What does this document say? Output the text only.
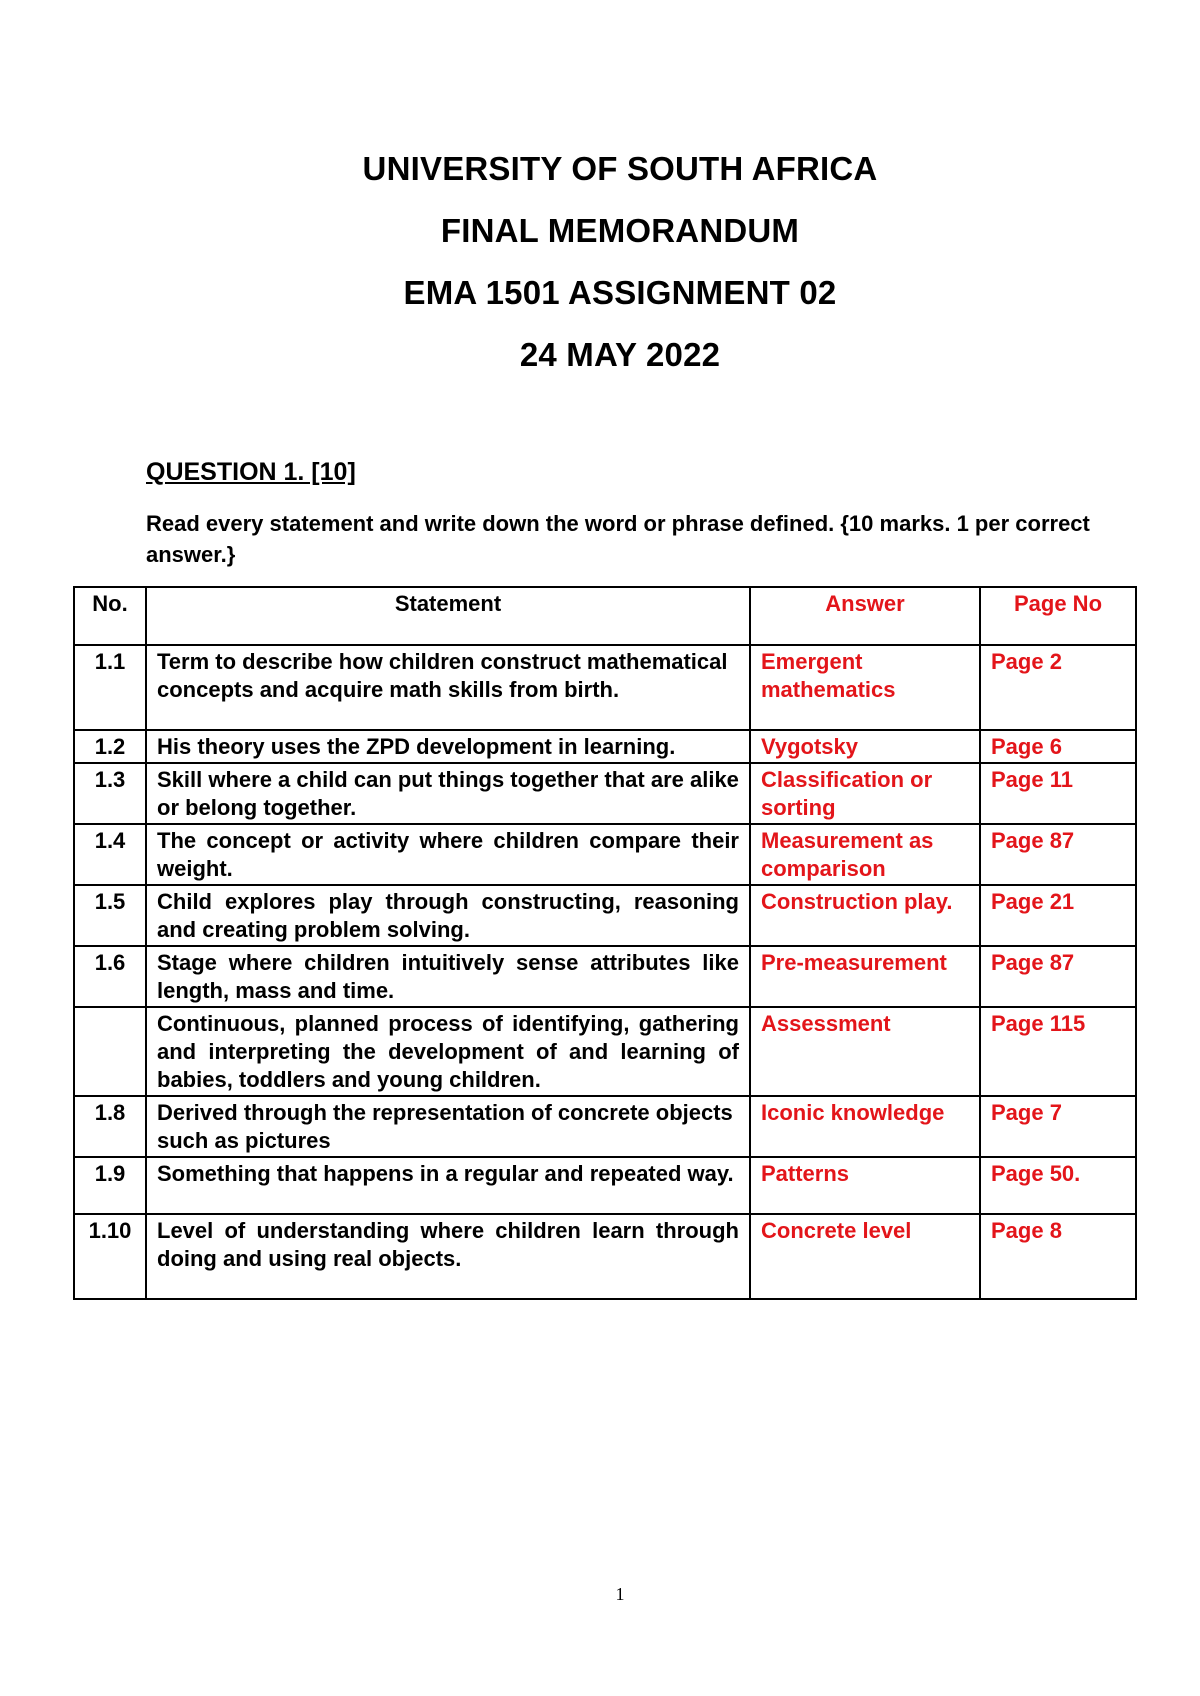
UNIVERSITY OF SOUTH AFRICA
FINAL MEMORANDUM
EMA 1501 ASSIGNMENT 02
24 MAY 2022
QUESTION 1. [10]
Read every statement and write down the word or phrase defined. {10 marks. 1 per correct answer.}
No.	Statement	Answer	Page No
1.1	Term to describe how children construct mathematical concepts and acquire math skills from birth.	Emergent mathematics	Page 2
1.2	His theory uses the ZPD development in learning.	Vygotsky	Page 6
1.3	Skill where a child can put things together that are alike or belong together.	Classification or sorting	Page 11
1.4	The concept or activity where children compare their weight.	Measurement as comparison	Page 87
1.5	Child explores play through constructing, reasoning and creating problem solving.	Construction play.	Page 21
1.6	Stage where children intuitively sense attributes like length, mass and time.	Pre-measurement	Page 87
	Continuous, planned process of identifying, gathering and interpreting the development of and learning of babies, toddlers and young children.	Assessment	Page 115
1.8	Derived through the representation of concrete objects such as pictures	Iconic knowledge	Page 7
1.9	Something that happens in a regular and repeated way.	Patterns	Page 50.
1.10	Level of understanding where children learn through doing and using real objects.	Concrete level	Page 8
1
